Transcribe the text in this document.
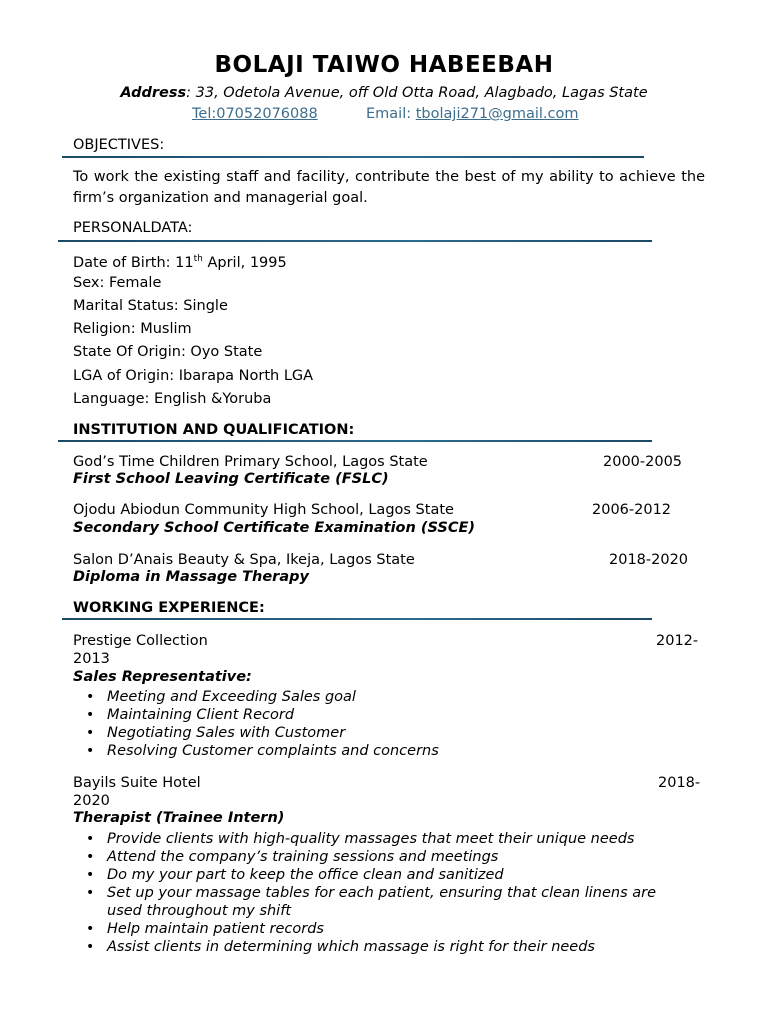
BOLAJI TAIWO HABEEBAH
Address: 33, Odetola Avenue, off Old Otta Road, Alagbado, Lagas State
Tel:07052076088	Email: tbolaji271@gmail.com
OBJECTIVES:
To work the existing staff and facility, contribute the best of my ability to achieve the firm’s organization and managerial goal.
PERSONALDATA:
Date of Birth: 11th April, 1995
Sex: Female
Marital Status: Single
Religion: Muslim
State Of Origin: Oyo State
LGA of Origin: Ibarapa North LGA
Language: English &Yoruba
INSTITUTION AND QUALIFICATION:
God’s Time Children Primary School, Lagos State	2000-2005
First School Leaving Certificate (FSLC)
Ojodu Abiodun Community High School, Lagos State	2006-2012
Secondary School Certificate Examination (SSCE)
Salon D’Anais Beauty & Spa, Ikeja, Lagos State	2018-2020
Diploma in Massage Therapy
WORKING EXPERIENCE:
Prestige Collection	2012-
2013
Sales Representative:
• Meeting and Exceeding Sales goal
• Maintaining Client Record
• Negotiating Sales with Customer
• Resolving Customer complaints and concerns
Bayils Suite Hotel	2018-
2020
Therapist (Trainee Intern)
• Provide clients with high-quality massages that meet their unique needs
• Attend the company’s training sessions and meetings
• Do my your part to keep the office clean and sanitized
• Set up your massage tables for each patient, ensuring that clean linens are
used throughout my shift
• Help maintain patient records
• Assist clients in determining which massage is right for their needs
